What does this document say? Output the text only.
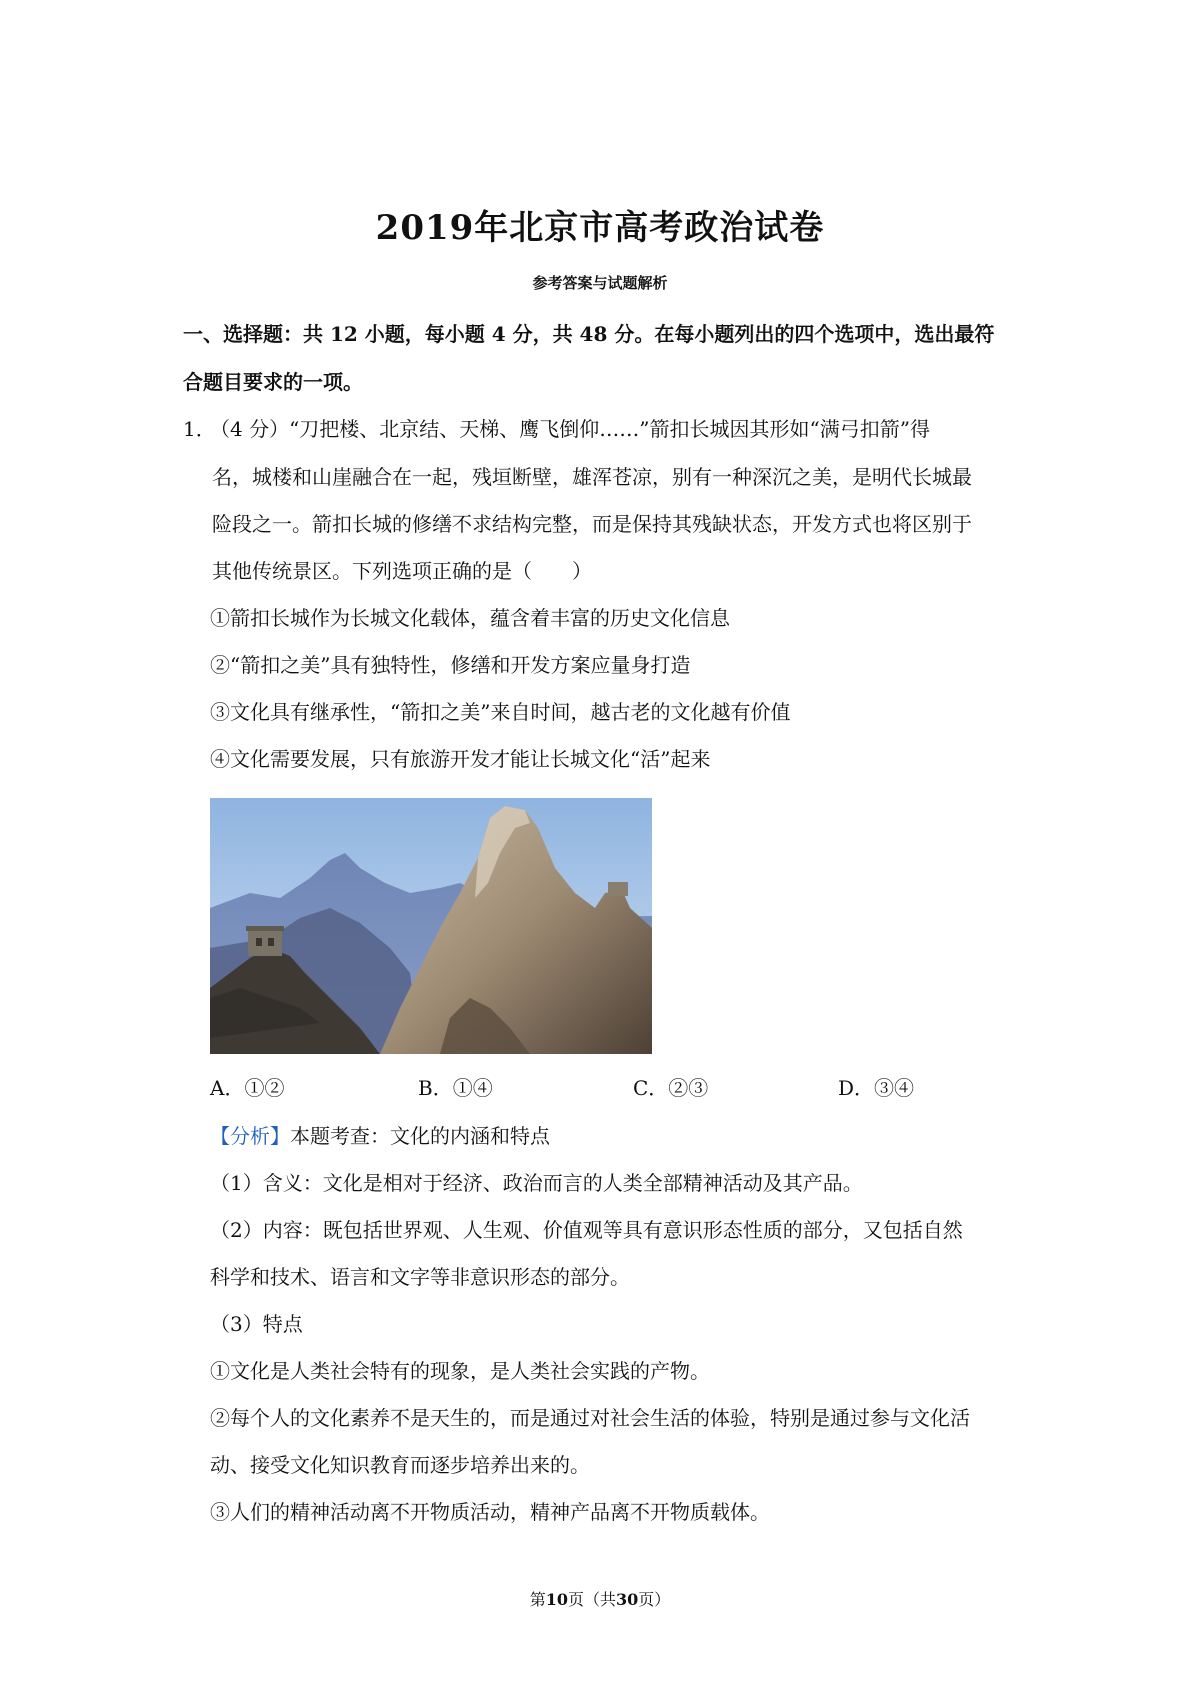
2019年北京市高考政治试卷
参考答案与试题解析
一、选择题：共 12 小题，每小题 4 分，共 48 分。在每小题列出的四个选项中，选出最符
合题目要求的一项。
1．
（4 分）“刀把楼、北京结、天梯、鹰飞倒仰……”箭扣长城因其形如“满弓扣箭”得
名，城楼和山崖融合在一起，残垣断壁，雄浑苍凉，别有一种深沉之美，是明代长城最
险段之一。箭扣长城的修缮不求结构完整，而是保持其残缺状态，开发方式也将区别于
其他传统景区。下列选项正确的是（　　）
①箭扣长城作为长城文化载体，蕴含着丰富的历史文化信息
②“箭扣之美”具有独特性，修缮和开发方案应量身打造
③文化具有继承性，“箭扣之美”来自时间，越古老的文化越有价值
④文化需要发展，只有旅游开发才能让长城文化“活”起来
A．①②	B．①④	C．②③	D．③④
【分析】本题考查：文化的内涵和特点
（1）含义：文化是相对于经济、政治而言的人类全部精神活动及其产品。
（2）内容：既包括世界观、人生观、价值观等具有意识形态性质的部分，又包括自然
科学和技术、语言和文字等非意识形态的部分。
（3）特点
①文化是人类社会特有的现象，是人类社会实践的产物。
②每个人的文化素养不是天生的，而是通过对社会生活的体验，特别是通过参与文化活
动、接受文化知识教育而逐步培养出来的。
③人们的精神活动离不开物质活动，精神产品离不开物质载体。
第10页（共30页）
